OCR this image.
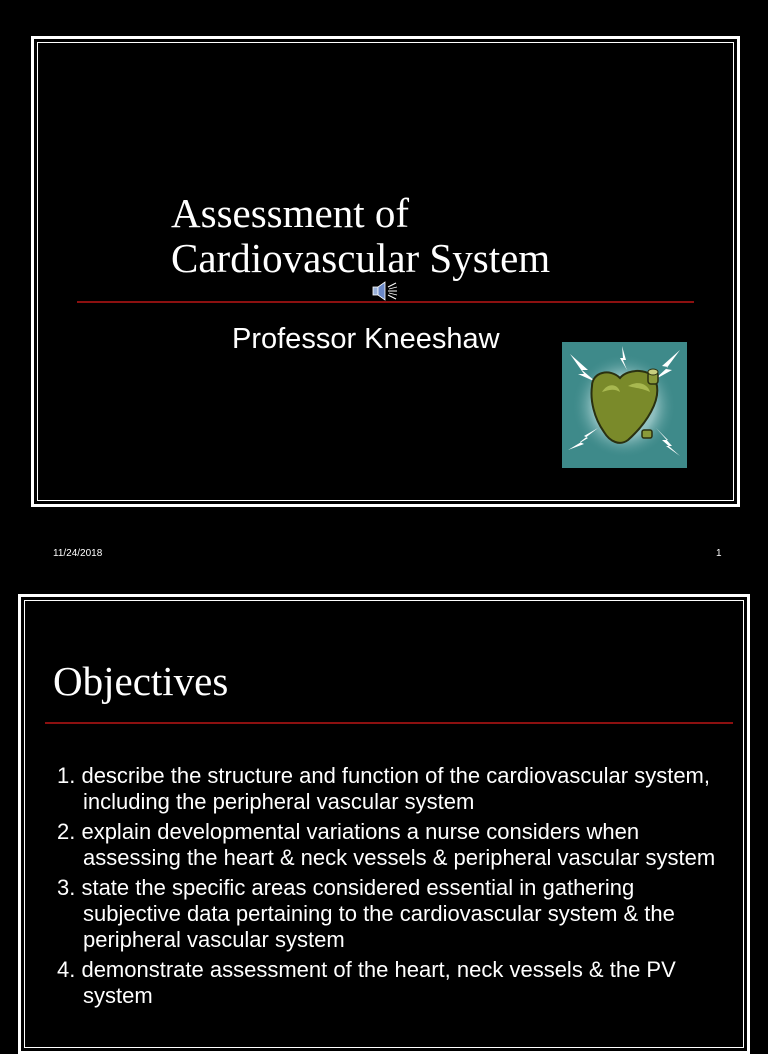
Assessment of
Cardiovascular System

Professor Kneeshaw

11/24/2018	1
Objectives
1. describe the structure and function of the cardiovascular system, including the peripheral vascular system
2. explain developmental variations a nurse considers when assessing the heart & neck vessels & peripheral vascular system
3. state the specific areas considered essential in gathering subjective data pertaining to the cardiovascular system & the peripheral vascular system
4. demonstrate assessment of the heart, neck vessels & the PV system
